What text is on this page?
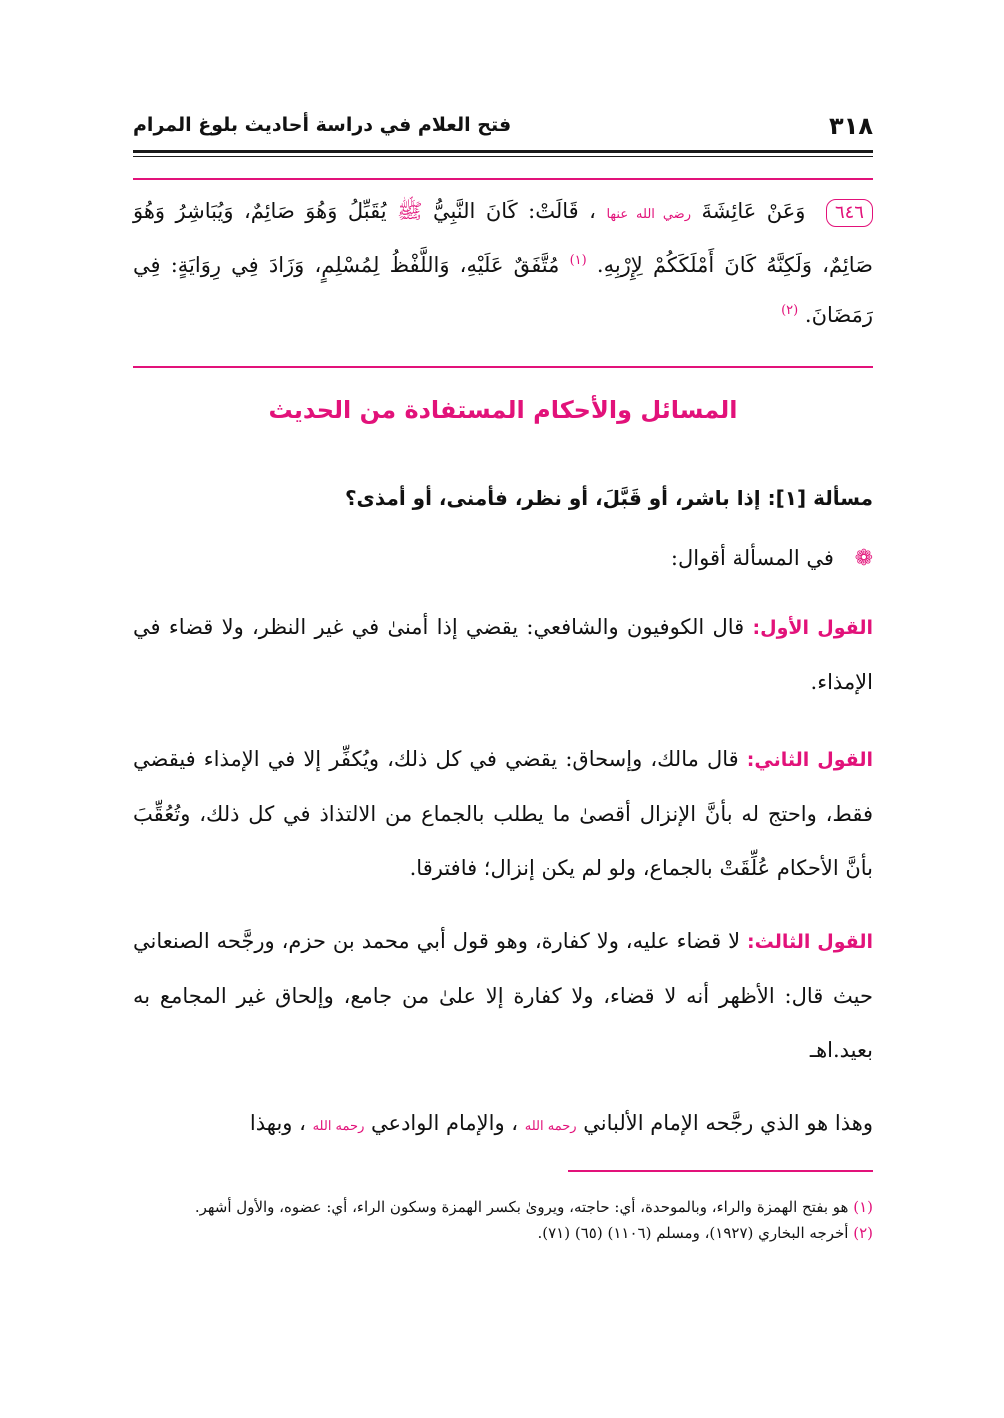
٣١٨
فتح العلام في دراسة أحاديث بلوغ المرام
٦٤٦ وَعَنْ عَائِشَةَ رضي الله عنها ، قَالَتْ: كَانَ النَّبِيُّ ﷺ يُقَبِّلُ وَهُوَ صَائِمٌ، وَيُبَاشِرُ وَهُوَ صَائِمٌ، وَلَكِنَّهُ كَانَ أَمْلَكَكُمْ لِإِرْبِهِ. $^{(١)}$ مُتَّفَقٌ عَلَيْهِ، وَاللَّفْظُ لِمُسْلِمٍ، وَزَادَ فِي رِوَايَةٍ: فِي رَمَضَانَ. $^{(٢)}$
المسائل والأحكام المستفادة من الحديث
مسألة [١]: إذا باشر، أو قَبَّلَ، أو نظر، فأمنى، أو أمذى؟
❁ في المسألة أقوال:
القول الأول: قال الكوفيون والشافعي: يقضي إذا أمنىٰ في غير النظر، ولا قضاء في الإمذاء.
القول الثاني: قال مالك، وإسحاق: يقضي في كل ذلك، ويُكفِّر إلا في الإمذاء فيقضي فقط، واحتج له بأنَّ الإنزال أقصىٰ ما يطلب بالجماع من الالتذاذ في كل ذلك، وتُعُقِّبَ بأنَّ الأحكام عُلِّقَتْ بالجماع، ولو لم يكن إنزال؛ فافترقا.
القول الثالث: لا قضاء عليه، ولا كفارة، وهو قول أبي محمد بن حزم، ورجَّحه الصنعاني حيث قال: الأظهر أنه لا قضاء، ولا كفارة إلا علىٰ من جامع، وإلحاق غير المجامع به بعيد.اهـ
وهذا هو الذي رجَّحه الإمام الألباني رحمه الله ، والإمام الوادعي رحمه الله ، وبهذا
(١) هو بفتح الهمزة والراء، وبالموحدة، أي: حاجته، ويروىٰ بكسر الهمزة وسكون الراء، أي: عضوه، والأول أشهر.
(٢) أخرجه البخاري (١٩٢٧)، ومسلم (١١٠٦) (٦٥) (٧١).
